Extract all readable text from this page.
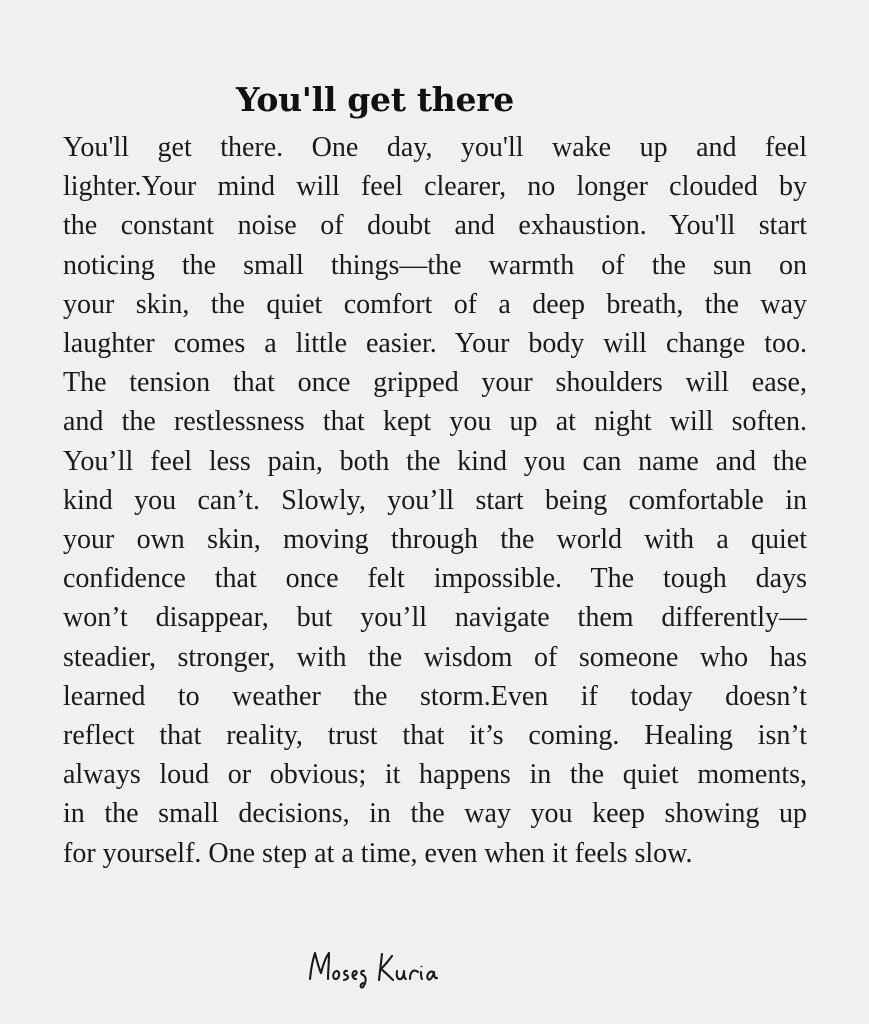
You'll get there
You'll get there. One day, you'll wake up and feel
lighter.Your mind will feel clearer, no longer clouded by
the constant noise of doubt and exhaustion. You'll start
noticing the small things—the warmth of the sun on
your skin, the quiet comfort of a deep breath, the way
laughter comes a little easier. Your body will change too.
The tension that once gripped your shoulders will ease,
and the restlessness that kept you up at night will soften.
You’ll feel less pain, both the kind you can name and the
kind you can’t. Slowly, you’ll start being comfortable in
your own skin, moving through the world with a quiet
confidence that once felt impossible. The tough days
won’t disappear, but you’ll navigate them differently—
steadier, stronger, with the wisdom of someone who has
learned to weather the storm.Even if today doesn’t
reflect that reality, trust that it’s coming. Healing isn’t
always loud or obvious; it happens in the quiet moments,
in the small decisions, in the way you keep showing up
for yourself. One step at a time, even when it feels slow.
